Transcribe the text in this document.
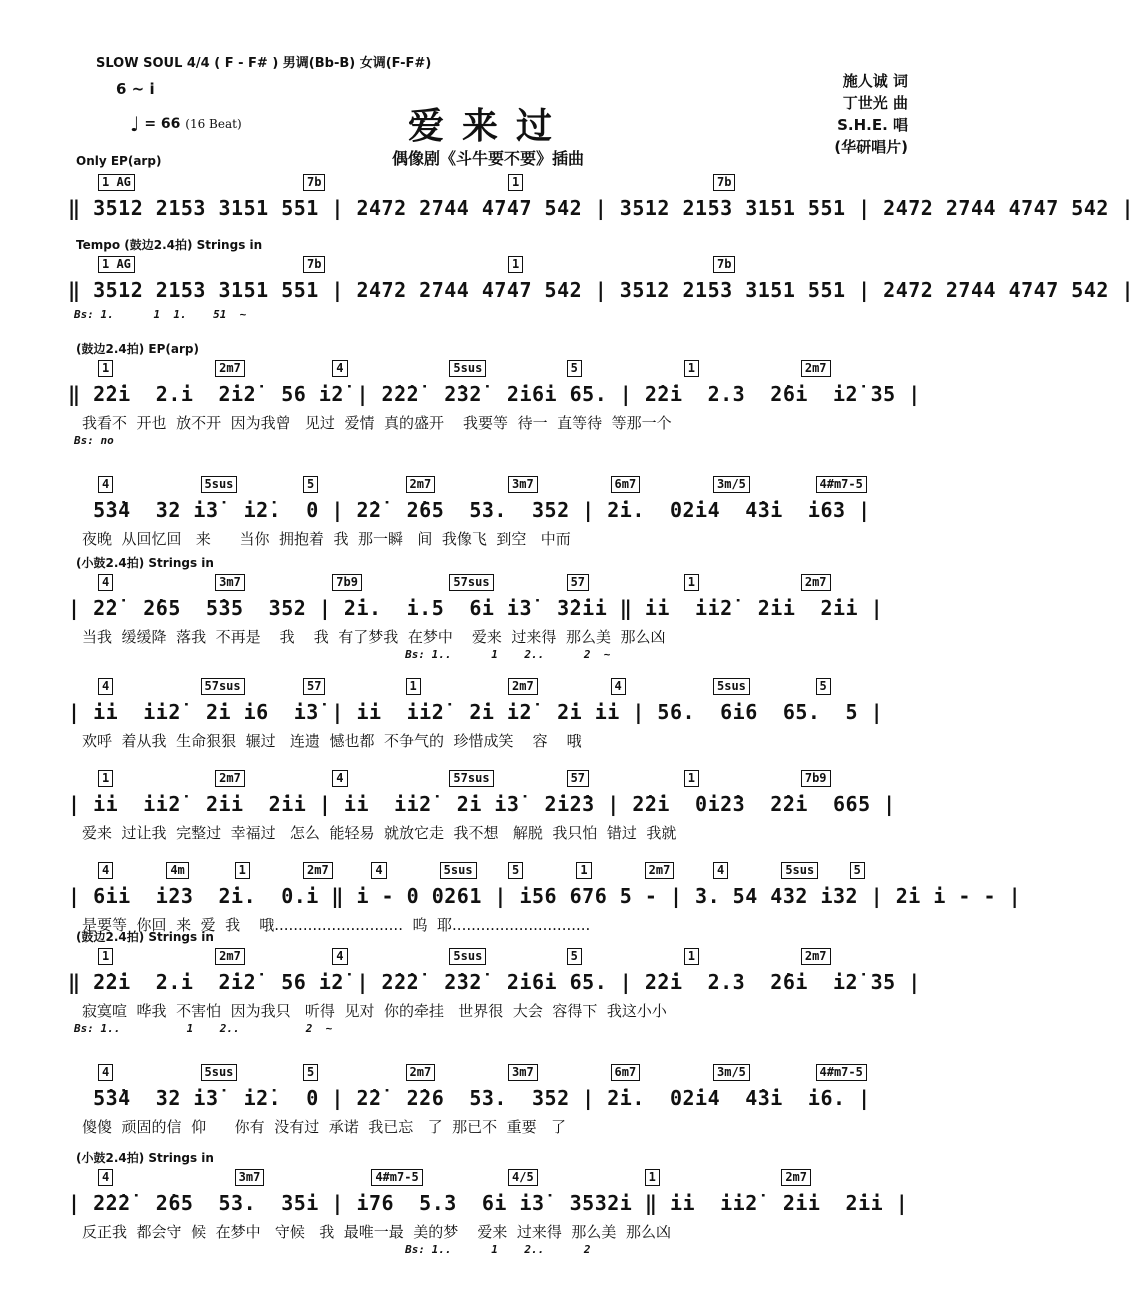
SLOW SOUL 4/4 ( F - F# ) 男调(Bb-B) 女调(F-F#)
6 ~ i
♩ = 66 (16 Beat)	爱来过
偶像剧《斗牛要不要》插曲
施人诚 词
丁世光 曲
S.H.E. 唱
(华研唱片)
Only EP(arp)
1 AG	7b	1	7b
‖ 3512 2153 3151 551 | 2472 2744 4747 542 | 3512 2153 3151 551 | 2472 2744 4747 542 |
Tempo (鼓边2.4拍) Strings in
1 AG	7b	1	7b
‖ 3512 2153 3151 551 | 2472 2744 4747 542 | 3512 2153 3151 551 | 2472 2744 4747 542 |
Bs: 1.      1  1.    51  ~
(鼓边2.4拍) EP(arp)
1	2m7	4	5sus	5	1	2m7
‖ 2̇2̇i  2.i  2̇i2̇  56 i2̇ | 2̇2̇2̇  2̇32̇  2̇i6i 65. | 2̇2̇i  2.3  2̇6i  i2̇ 35 |
我看不  开也  放不开  因为我曾   见过  爱情  真的盛开    我要等  待一  直等待  等那一个
Bs: no
4	5sus	5	2m7	3m7	6m7	3m/5	4#m7-5
5̇3̇4  32 i3̇  i2̇.  0 | 2̇2̇  2̇65  53.  352 | 2̇i.  02̇i4  4̇3̇i  i63 |
夜晚  从回忆回   来      当你  拥抱着  我  那一瞬   间  我像飞  到空   中而
(小鼓2.4拍) Strings in
4	3m7	7b9	57sus	57	1	2m7
| 2̇2̇  2̇65  5̇35  352 | 2̇i.  i.5  6i i3̇  3̇2̇ii ‖ ii  ii2̇  2̇ii  2̇ii |
当我  缓缓降  落我  不再是    我    我  有了梦我  在梦中    爱来  过来得  那么美  那么凶
Bs: 1..      1    2..      2  ~
4	57sus	57	1	2m7	4	5sus	5
| ii  ii2̇  2̇i i6  i3̇ | ii  ii2̇  2̇i i2̇  2̇i ii | 56.  6i6  65.  5 |
欢呼  着从我  生命狠狠  辗过   连遗  憾也都  不争气的  珍惜成笑    容    哦
1	2m7	4	57sus	57	1	7b9
| ii  ii2̇  2̇ii  2̇ii | ii  ii2̇  2̇i i3̇  2̇i2̇3 | 2̇2̇i  0i2̇3  2̇2̇i  665 |
爱来  过让我  完整过  幸福过   怎么  能轻易  就放它走  我不想   解脱  我只怕  错过  我就
4	4m	1	2m7	4	5sus	5	1	2m7	4	5sus	5
| 6ii  i23  2̇i.  0.i ‖ i - 0 0261 | i56 676 5 - | 3. 54 432 i32 | 2̇i i - - |
是要等  你回  来  爱  我    哦...........................  呜  耶.............................
(鼓边2.4拍) Strings in
1	2m7	4	5sus	5	1	2m7
‖ 2̇2̇i  2.i  2̇i2̇  56 i2̇ | 2̇2̇2̇  2̇32̇  2̇i6i 65. | 2̇2̇i  2.3  2̇6i  i2̇ 35 |
寂寞喧  哗我  不害怕  因为我只   听得  见对  你的牵挂   世界很  大会  容得下  我这小小
Bs: 1..          1    2..          2  ~
4	5sus	5	2m7	3m7	6m7	3m/5	4#m7-5
5̇3̇4  32 i3̇  i2̇.  0 | 2̇2̇  2̇26  53.  352 | 2̇i.  02̇i4  4̇3̇i  i6. |
傻傻  顽固的信  仰      你有  没有过  承诺  我已忘   了  那已不  重要   了
(小鼓2.4拍) Strings in
4	3m7	4#m7-5	4/5	1	2m7
| 2̇2̇2̇  2̇65  53.  35i | i76  5.3  6i i3̇  3532i ‖ ii  ii2̇  2̇ii  2̇ii |
反正我  都会守  候  在梦中   守候   我  最唯一最  美的梦    爱来  过来得  那么美  那么凶
Bs: 1..      1    2..      2
